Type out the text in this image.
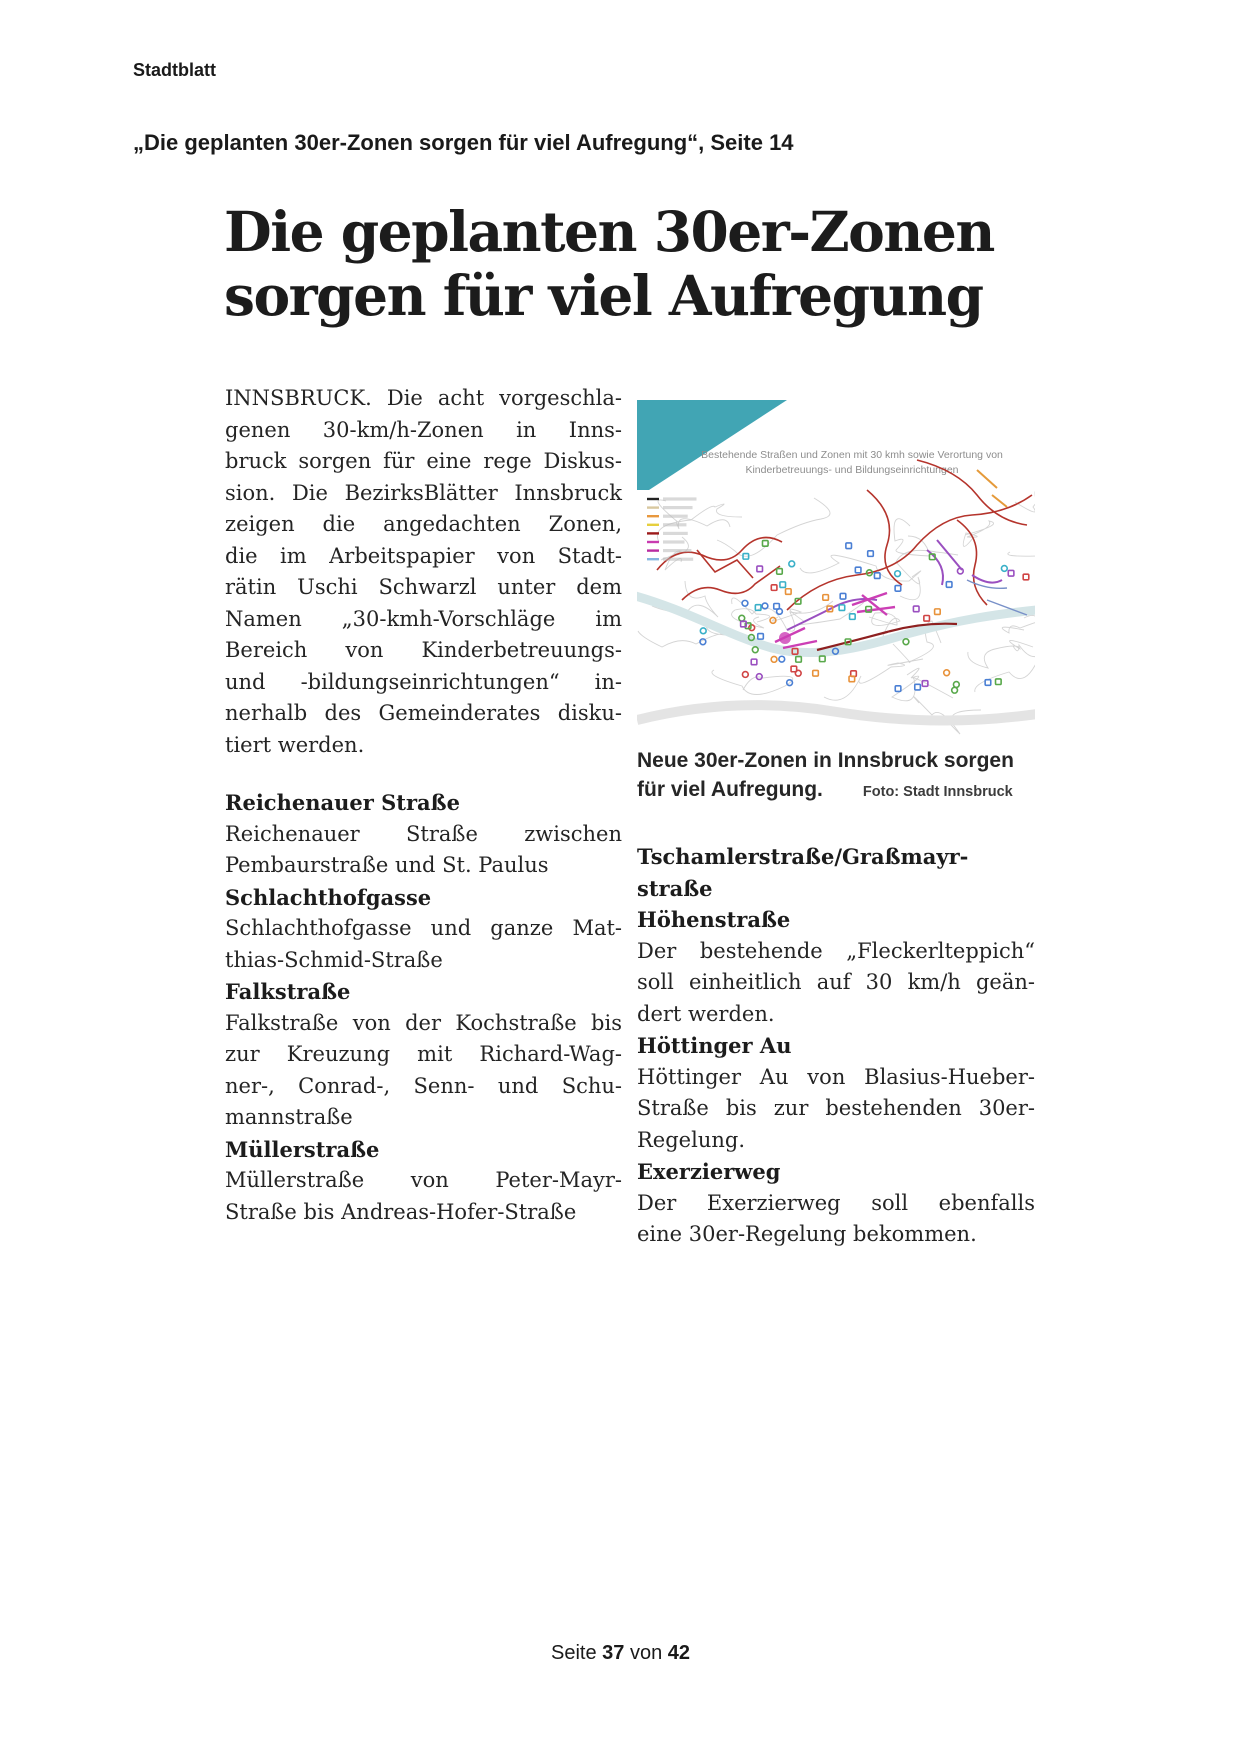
Stadtblatt
„Die geplanten 30er-Zonen sorgen für viel Aufregung“, Seite 14
Die geplanten 30er-Zonen
sorgen für viel Aufregung
INNSBRUCK. Die acht vorgeschla-
genen 30-km/h-Zonen in Inns-
bruck sorgen für eine rege Diskus-
sion. Die BezirksBlätter Innsbruck
zeigen die angedachten Zonen,
die im Arbeitspapier von Stadt-
rätin Uschi Schwarzl unter dem
Namen „30-kmh-Vorschläge im
Bereich von Kinderbetreuungs-
und -bildungseinrichtungen“ in-
nerhalb des Gemeinderates disku-
tiert werden.
Reichenauer Straße
Reichenauer Straße zwischen
Pembaurstraße und St. Paulus
Schlachthofgasse
Schlachthofgasse und ganze Mat-
thias-Schmid-Straße
Falkstraße
Falkstraße von der Kochstraße bis
zur Kreuzung mit Richard-Wag-
ner-, Conrad-, Senn- und Schu-
mannstraße
Müllerstraße
Müllerstraße von Peter-Mayr-
Straße bis Andreas-Hofer-Straße
Bestehende Straßen und Zonen mit 30 kmh sowie Verortung von
Kinderbetreuungs- und Bildungseinrichtungen
Neue 30er-Zonen in Innsbruck sorgen
für viel Aufregung.	Foto: Stadt Innsbruck
Tschamlerstraße/Graßmayr-
straße
Höhenstraße
Der bestehende „Fleckerlteppich“
soll einheitlich auf 30 km/h geän-
dert werden.
Höttinger Au
Höttinger Au von Blasius-Hueber-
Straße bis zur bestehenden 30er-
Regelung.
Exerzierweg
Der Exerzierweg soll ebenfalls
eine 30er-Regelung bekommen.
Seite 37 von 42
